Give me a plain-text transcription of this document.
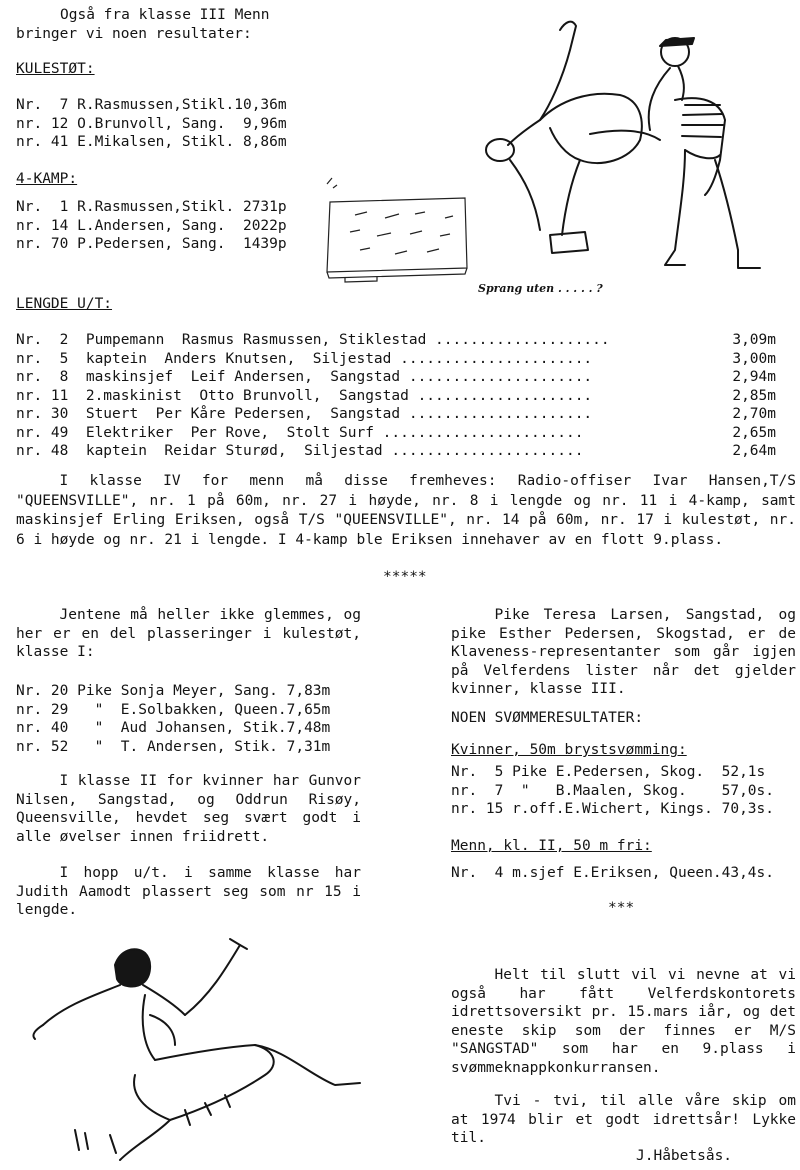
Også fra klasse III Menn
bringer vi noen resultater:
KULESTØT:
Nr.  7 R.Rasmussen,Stikl.10,36m
nr. 12 O.Brunvoll, Sang.  9,96m
nr. 41 E.Mikalsen, Stikl. 8,86m
4-KAMP:
Nr.  1 R.Rasmussen,Stikl. 2731p
nr. 14 L.Andersen, Sang.  2022p
nr. 70 P.Pedersen, Sang.  1439p
Sprang uten . . . . . ?
LENGDE U/T:
Nr.  2  Pumpemann  Rasmus Rasmussen, Stiklestad ....................	3,09m
nr.  5  kaptein  Anders Knutsen,  Siljestad ......................	3,00m
nr.  8  maskinsjef  Leif Andersen,  Sangstad .....................	2,94m
nr. 11  2.maskinist  Otto Brunvoll,  Sangstad ....................	2,85m
nr. 30  Stuert  Per Kåre Pedersen,  Sangstad .....................	2,70m
nr. 49  Elektriker  Per Rove,  Stolt Surf .......................	2,65m
nr. 48  kaptein  Reidar Sturød,  Siljestad ......................	2,64m

I klasse IV for menn må disse fremheves: Radio-offiser Ivar Hansen,T/S "QUEENSVILLE", nr. 1 på 60m, nr. 27 i høyde, nr. 8 i lengde og nr. 11 i 4-kamp, samt maskinsjef Erling Eriksen, også T/S "QUEENSVILLE", nr. 14 på 60m, nr. 17 i kulestøt, nr. 6 i høyde og nr. 21 i lengde. I 4-kamp ble Eriksen innehaver av en flott 9.plass.

*****

Jentene må heller ikke glemmes, og her er en del plasseringer i kulestøt, klasse I:

Nr. 20 Pike Sonja Meyer, Sang. 7,83m
nr. 29   "  E.Solbakken, Queen.7,65m
nr. 40   "  Aud Johansen, Stik.7,48m
nr. 52   "  T. Andersen, Stik. 7,31m

I klasse II for kvinner har Gunvor Nilsen, Sangstad, og Oddrun Risøy, Queensville, hevdet seg svært godt i alle øvelser innen friidrett.

I hopp u/t. i samme klasse har Judith Aamodt plassert seg som nr 15 i lengde.

Pike Teresa Larsen, Sangstad, og pike Esther Pedersen, Skogstad, er de Klaveness-representanter som går igjen på Velferdens lister når det gjelder kvinner, klasse III.

NOEN SVØMMERESULTATER:
Kvinner, 50m brystsvømming:
Nr.  5 Pike E.Pedersen, Skog.  52,1s
nr.  7  "   B.Maalen, Skog.    57,0s.
nr. 15 r.off.E.Wichert, Kings. 70,3s.
Menn, kl. II, 50 m fri:
Nr.  4 m.sjef E.Eriksen, Queen.43,4s.
***

Helt til slutt vil vi nevne at vi også har fått Velferdskontorets idrettsoversikt pr. 15.mars iår, og det eneste skip som der finnes er M/S "SANGSTAD" som har en 9.plass i svømmeknappkonkurransen.

Tvi - tvi, til alle våre skip om at 1974 blir et godt idrettsår! Lykke til.

J.Håbetsås.
